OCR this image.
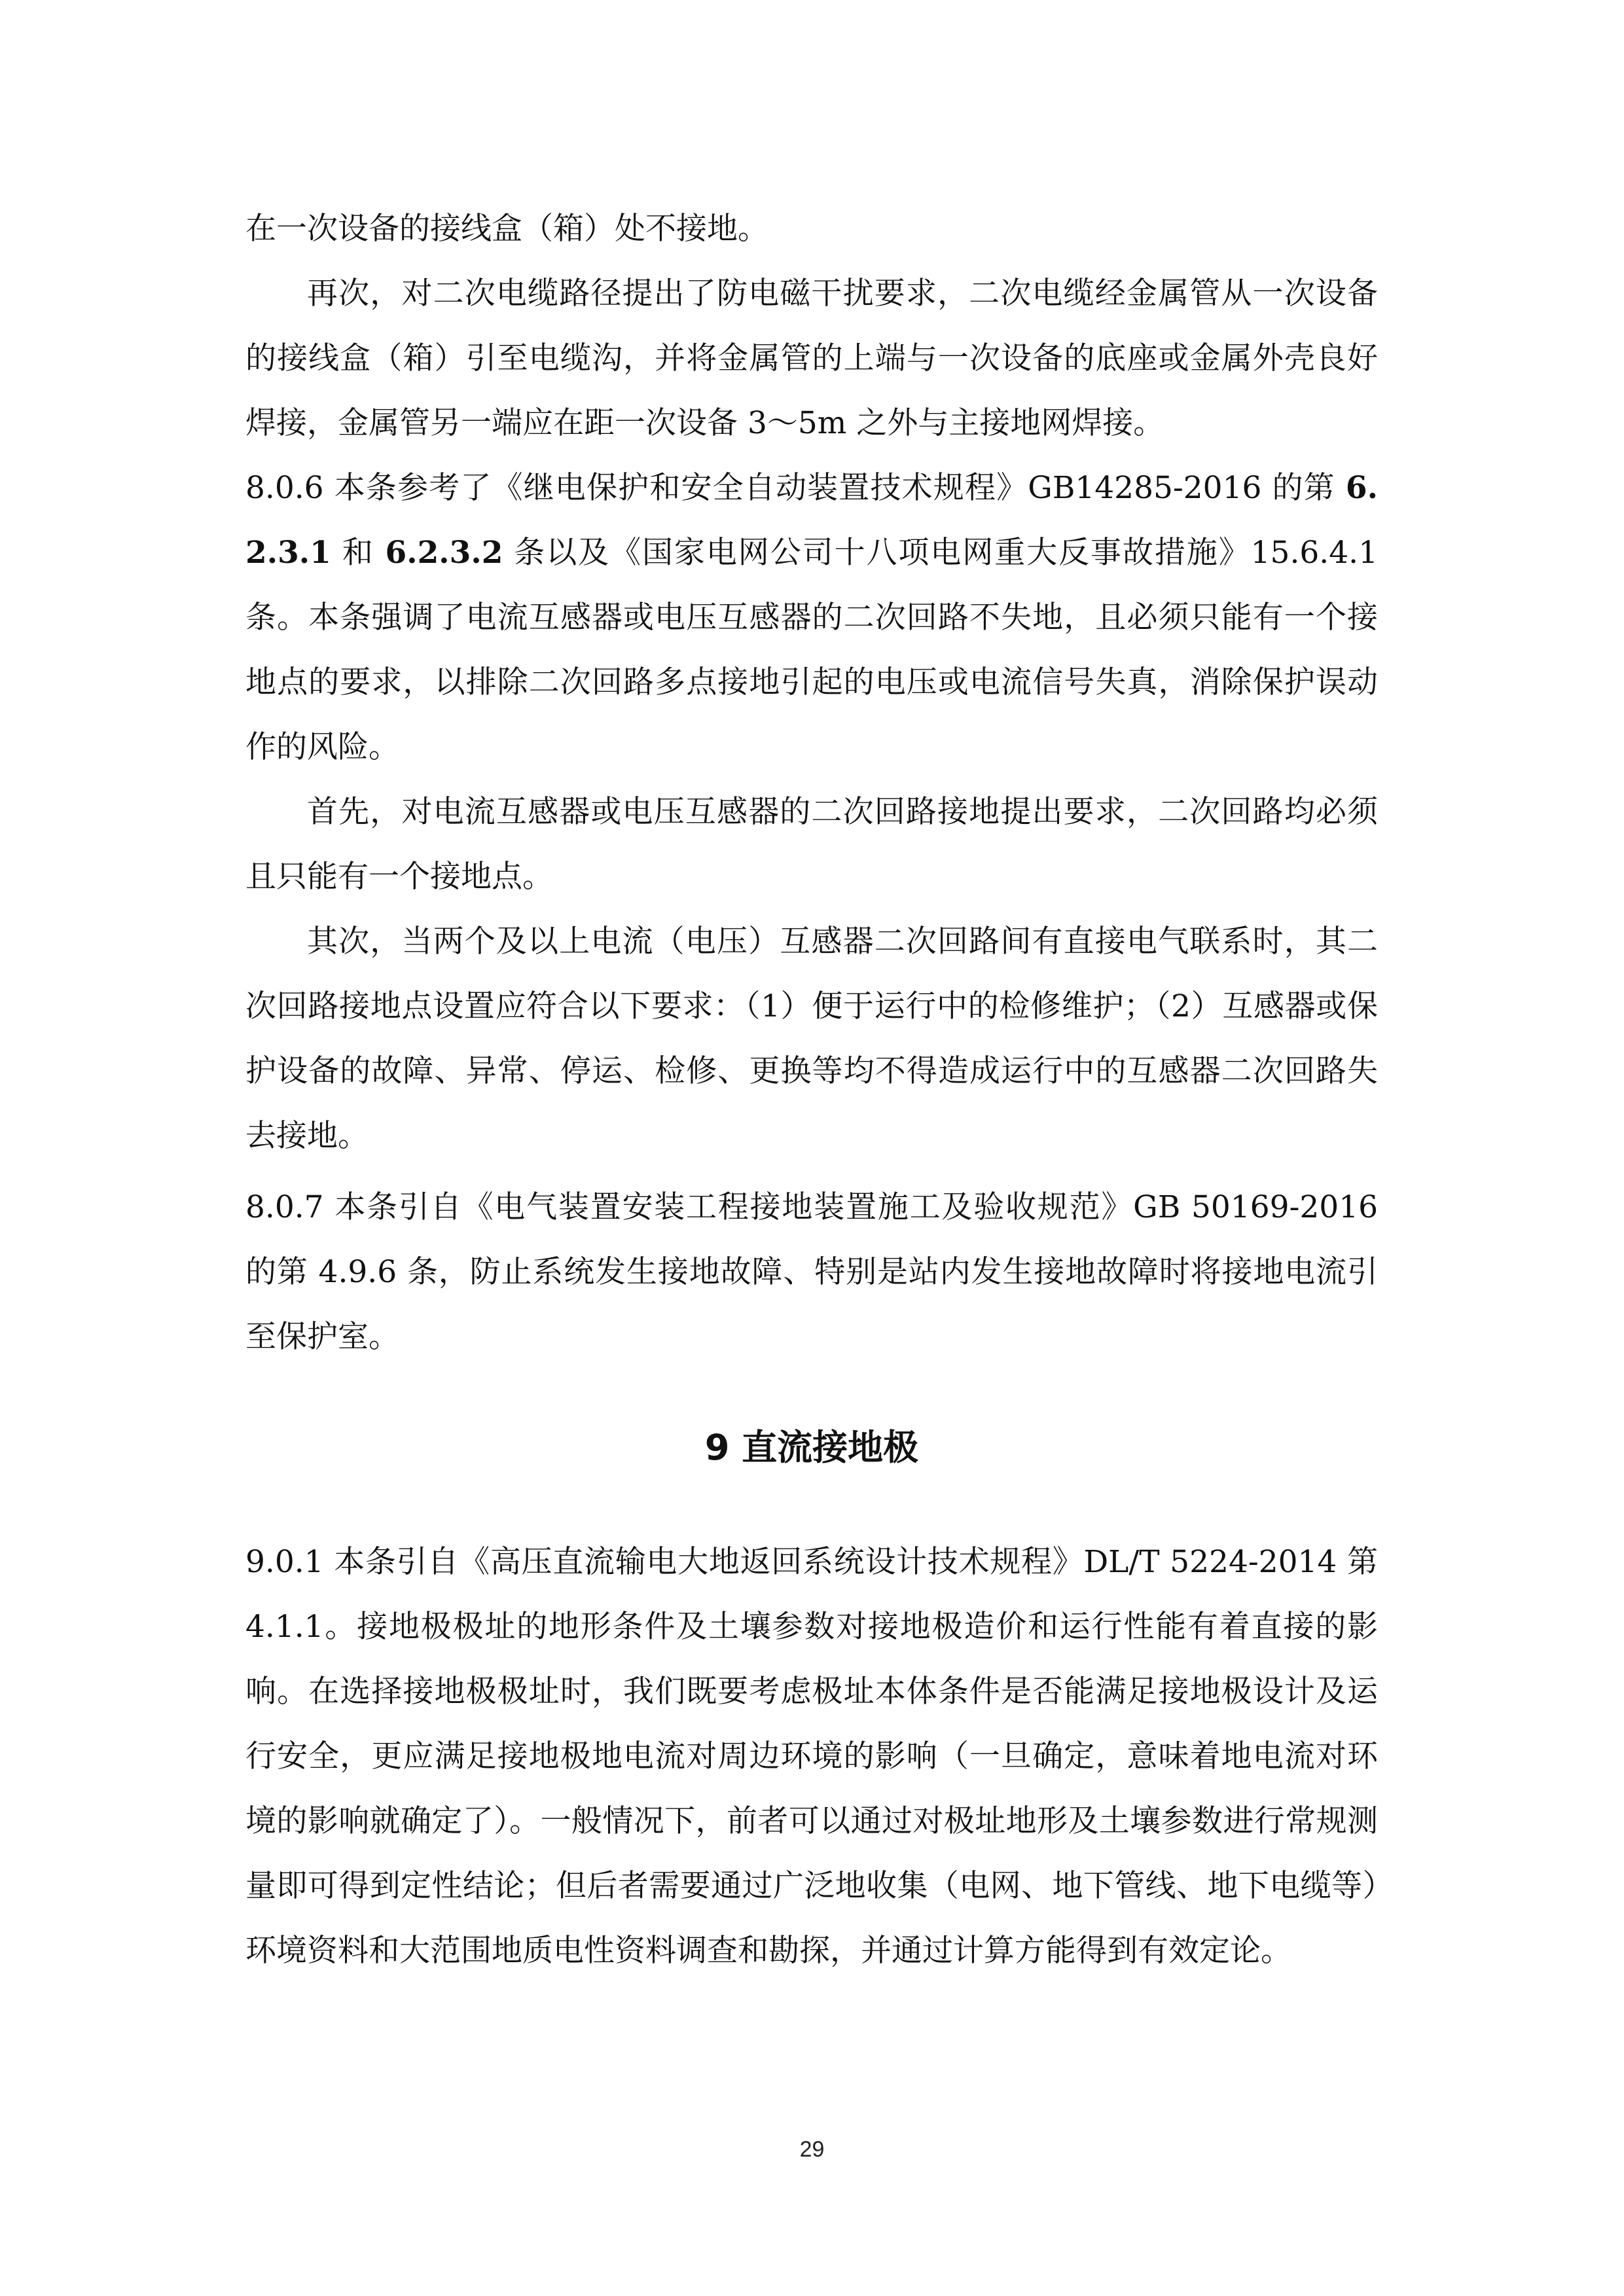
在一次设备的接线盒（箱）处不接地。

再次，对二次电缆路径提出了防电磁干扰要求，二次电缆经金属管从一次设备的接线盒（箱）引至电缆沟，并将金属管的上端与一次设备的底座或金属外壳良好焊接，金属管另一端应在距一次设备 3～5m 之外与主接地网焊接。

8.0.6 本条参考了《继电保护和安全自动装置技术规程》GB14285-2016 的第 6.2.3.1 和 6.2.3.2 条以及《国家电网公司十八项电网重大反事故措施》15.6.4.1 条。本条强调了电流互感器或电压互感器的二次回路不失地，且必须只能有一个接地点的要求，以排除二次回路多点接地引起的电压或电流信号失真，消除保护误动作的风险。

首先，对电流互感器或电压互感器的二次回路接地提出要求，二次回路均必须且只能有一个接地点。

其次，当两个及以上电流（电压）互感器二次回路间有直接电气联系时，其二次回路接地点设置应符合以下要求：（1）便于运行中的检修维护；（2）互感器或保护设备的故障、异常、停运、检修、更换等均不得造成运行中的互感器二次回路失去接地。

8.0.7 本条引自《电气装置安装工程接地装置施工及验收规范》GB 50169-2016 的第 4.9.6 条，防止系统发生接地故障、特别是站内发生接地故障时将接地电流引至保护室。

9 直流接地极

9.0.1 本条引自《高压直流输电大地返回系统设计技术规程》DL/T 5224-2014 第 4.1.1。接地极极址的地形条件及土壤参数对接地极造价和运行性能有着直接的影响。在选择接地极极址时，我们既要考虑极址本体条件是否能满足接地极设计及运行安全，更应满足接地极地电流对周边环境的影响（一旦确定，意味着地电流对环境的影响就确定了）。一般情况下，前者可以通过对极址地形及土壤参数进行常规测量即可得到定性结论；但后者需要通过广泛地收集（电网、地下管线、地下电缆等）环境资料和大范围地质电性资料调查和勘探，并通过计算方能得到有效定论。

29
